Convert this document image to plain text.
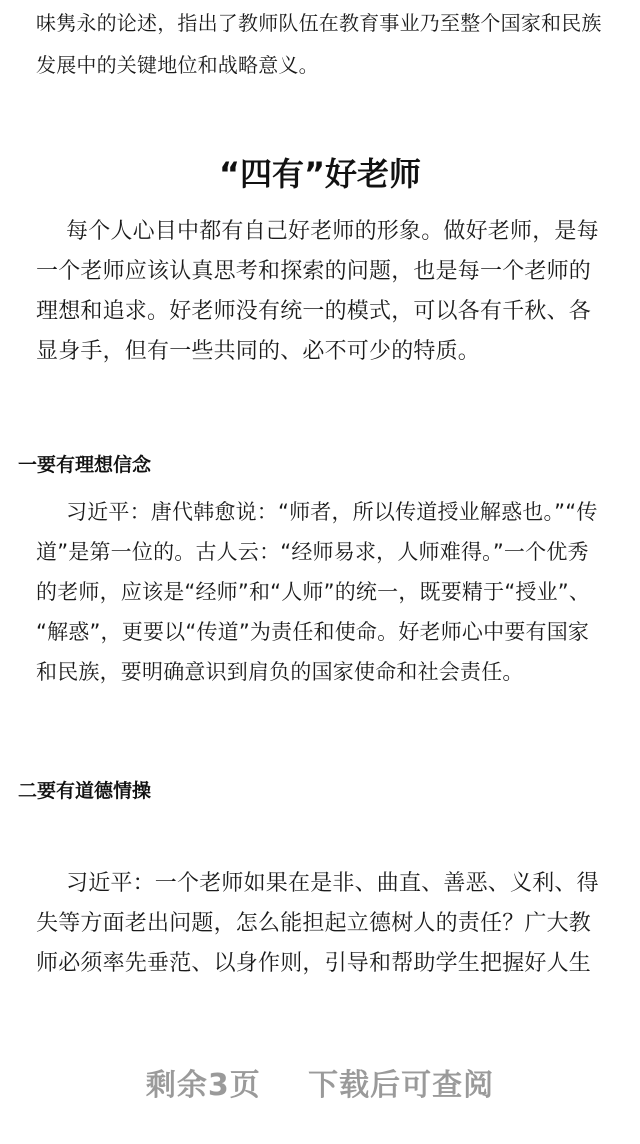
味隽永的论述，指出了教师队伍在教育事业乃至整个国家和民族
发展中的关键地位和战略意义。
“四有”好老师
每个人心目中都有自己好老师的形象。做好老师，是每
一个老师应该认真思考和探索的问题，也是每一个老师的
理想和追求。好老师没有统一的模式，可以各有千秋、各
显身手，但有一些共同的、必不可少的特质。
一要有理想信念
习近平：唐代韩愈说：“师者，所以传道授业解惑也。”“传
道”是第一位的。古人云：“经师易求，人师难得。”一个优秀
的老师，应该是“经师”和“人师”的统一，既要精于“授业”、
“解惑”，更要以“传道”为责任和使命。好老师心中要有国家
和民族，要明确意识到肩负的国家使命和社会责任。
二要有道德情操
习近平：一个老师如果在是非、曲直、善恶、义利、得
失等方面老出问题，怎么能担起立德树人的责任？广大教
师必须率先垂范、以身作则，引导和帮助学生把握好人生
剩余3页 下载后可查阅
